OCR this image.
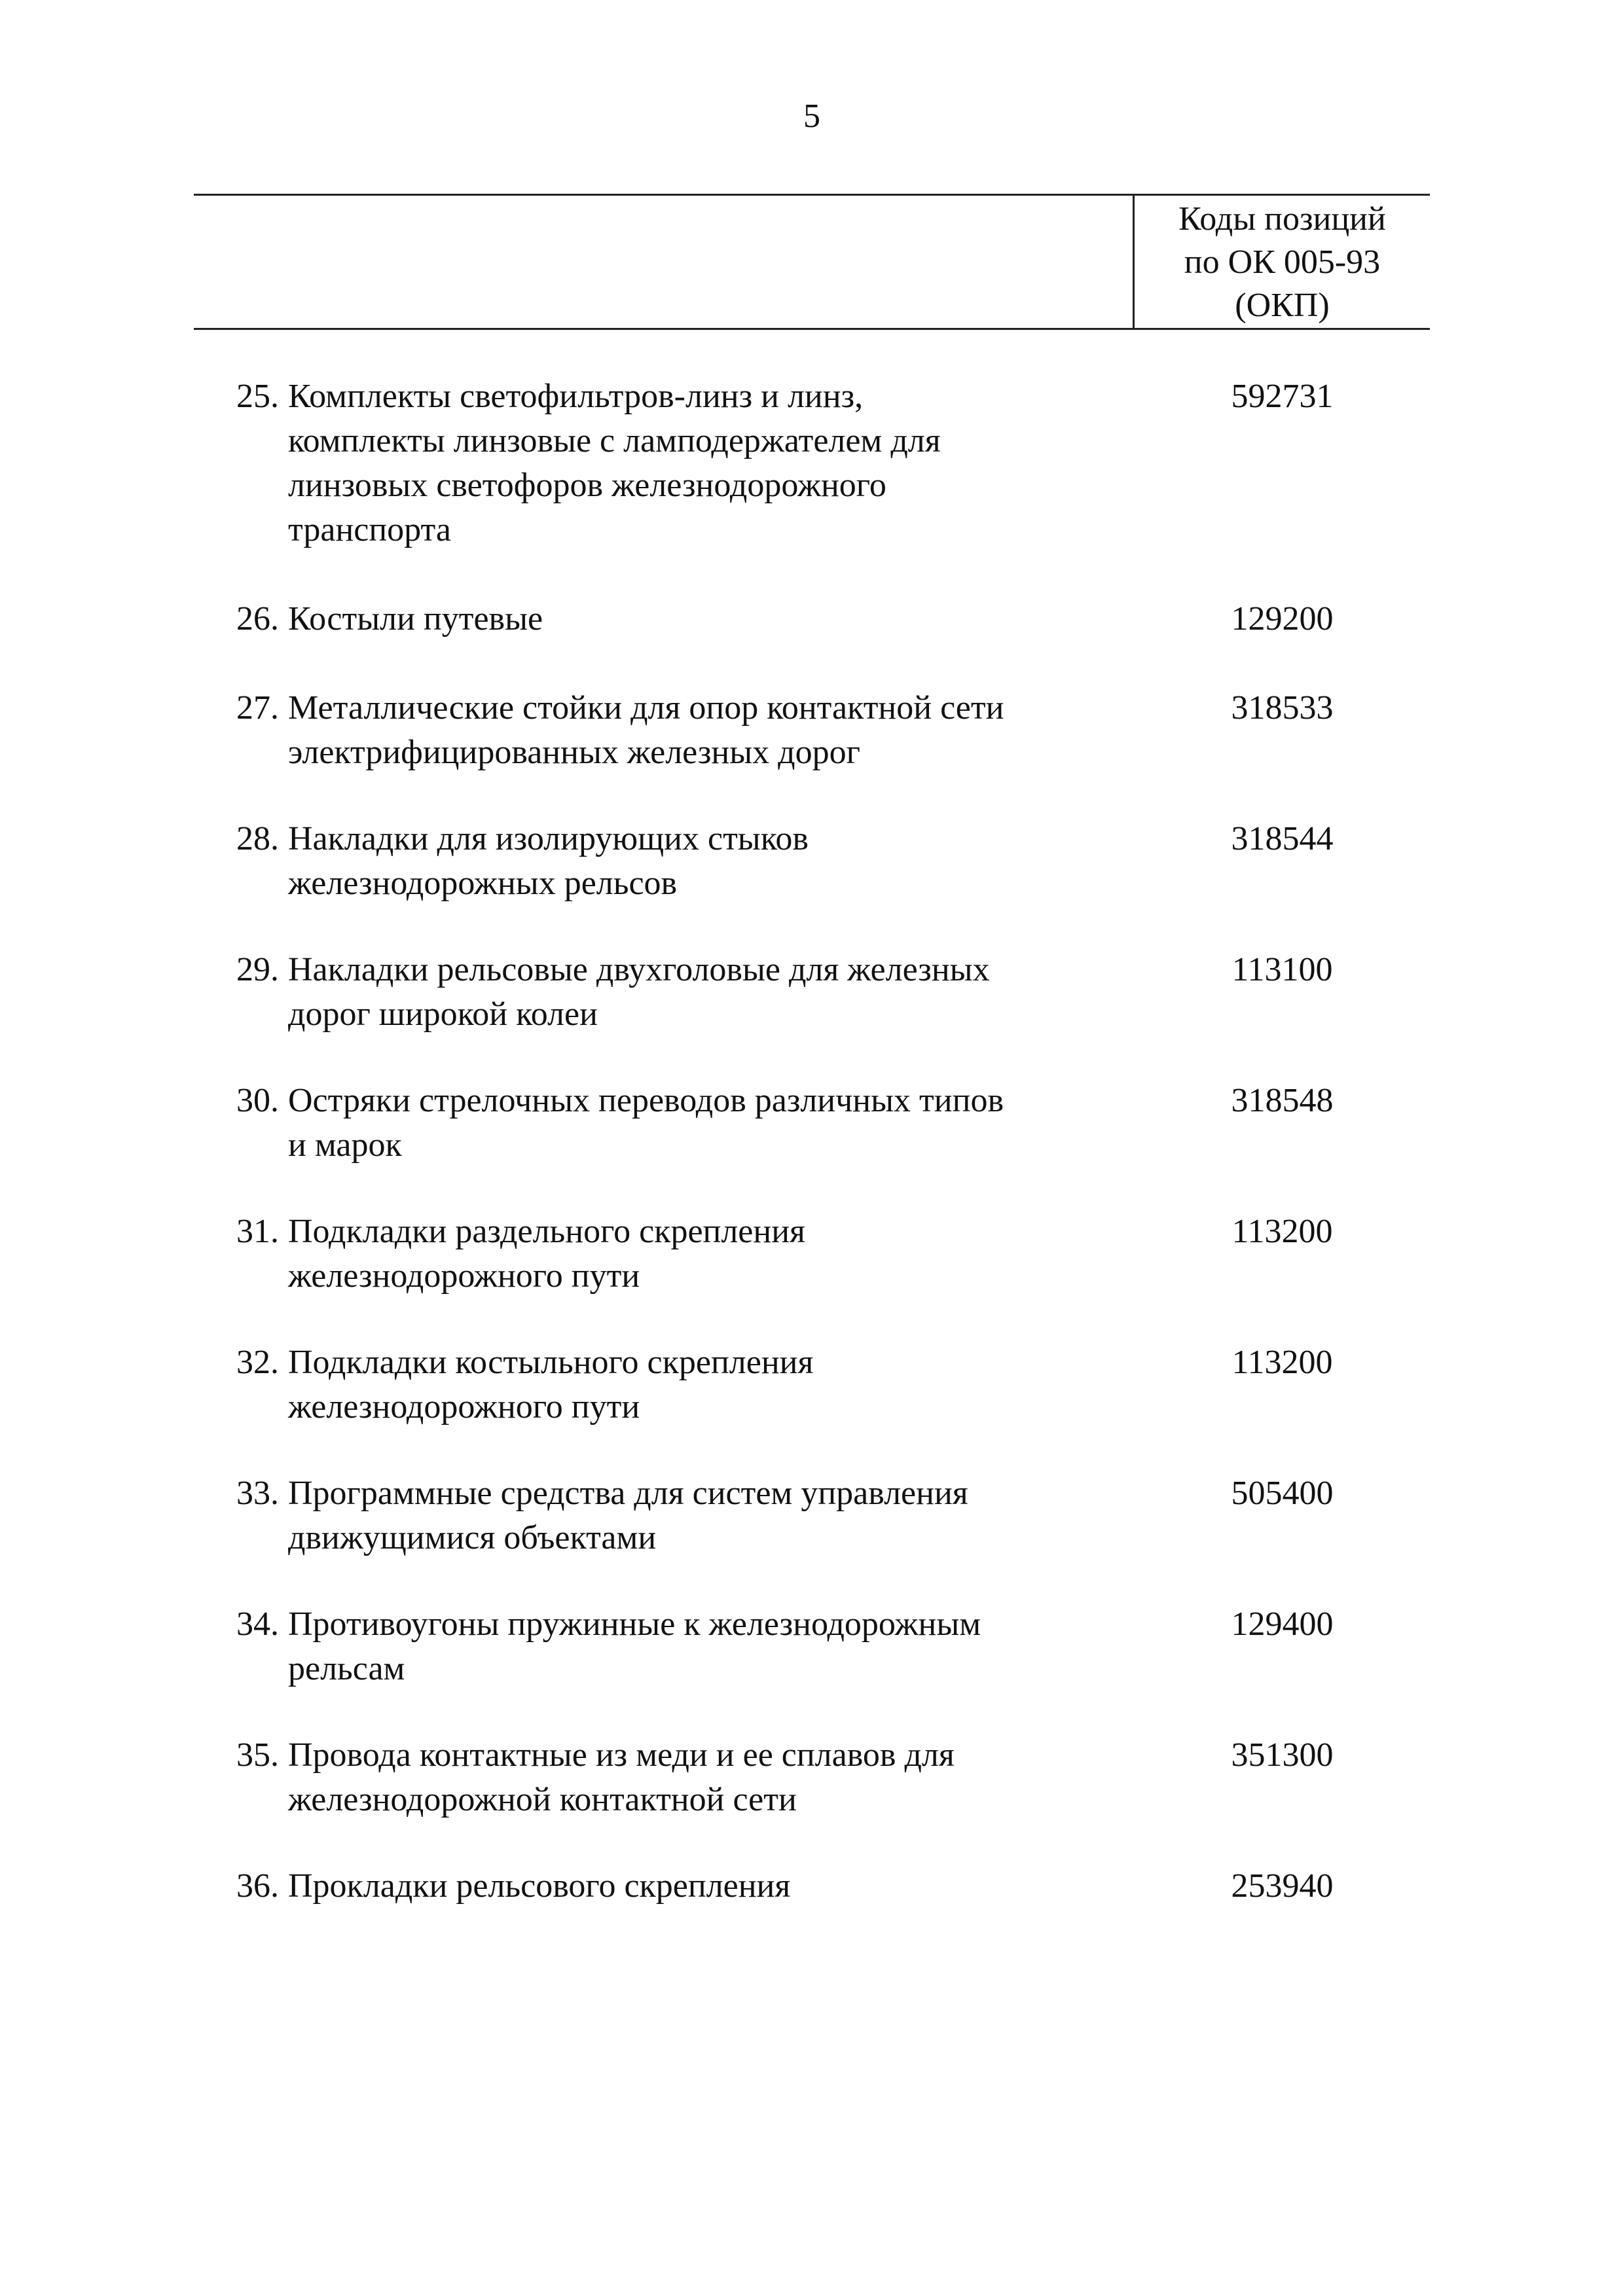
5
Коды позиций
по ОК 005-93
(ОКП)
25. Комплекты светофильтров-линз и линз,
комплекты линзовые с ламподержателем для
линзовых светофоров железнодорожного
транспорта
592731
26. Костыли путевые	129200
27. Металлические стойки для опор контактной сети
электрифицированных железных дорог
318533
28. Накладки для изолирующих стыков
железнодорожных рельсов
318544
29. Накладки рельсовые двухголовые для железных
дорог широкой колеи
113100
30. Остряки стрелочных переводов различных типов
и марок
318548
31. Подкладки раздельного скрепления
железнодорожного пути
113200
32. Подкладки костыльного скрепления
железнодорожного пути
113200
33. Программные средства для систем управления
движущимися объектами
505400
34. Противоугоны пружинные к железнодорожным
рельсам
129400
35. Провода контактные из меди и ее сплавов для
железнодорожной контактной сети
351300
36. Прокладки рельсового скрепления	253940
